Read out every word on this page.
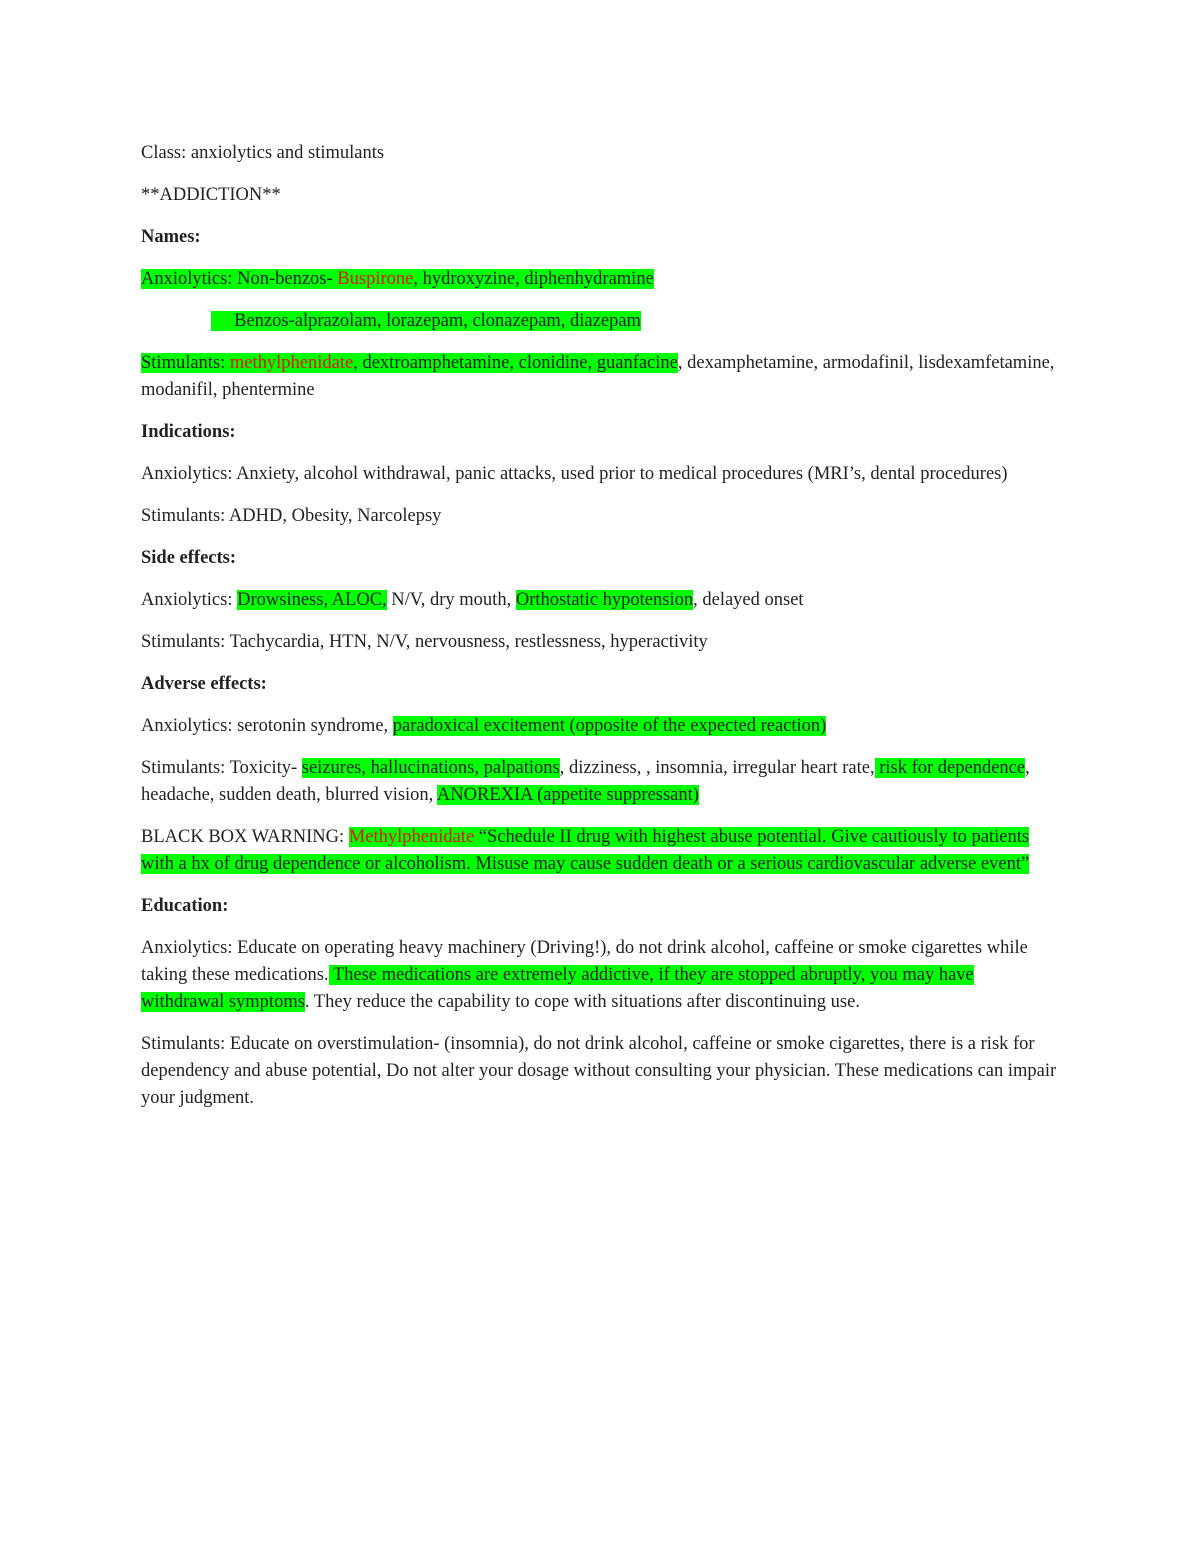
Class: anxiolytics and stimulants

**ADDICTION**

Names:

Anxiolytics: Non-benzos- Buspirone, hydroxyzine, diphenhydramine

Benzos-alprazolam, lorazepam, clonazepam, diazepam

Stimulants: methylphenidate, dextroamphetamine, clonidine, guanfacine, dexamphetamine, armodafinil, lisdexamfetamine, modanifil, phentermine

Indications:

Anxiolytics: Anxiety, alcohol withdrawal, panic attacks, used prior to medical procedures (MRI’s, dental procedures)

Stimulants: ADHD, Obesity, Narcolepsy

Side effects:

Anxiolytics: Drowsiness, ALOC, N/V, dry mouth, Orthostatic hypotension, delayed onset

Stimulants: Tachycardia, HTN, N/V, nervousness, restlessness, hyperactivity

Adverse effects:

Anxiolytics: serotonin syndrome, paradoxical excitement (opposite of the expected reaction)

Stimulants: Toxicity- seizures, hallucinations, palpations, dizziness, , insomnia, irregular heart rate, risk for dependence, headache, sudden death, blurred vision, ANOREXIA (appetite suppressant)

BLACK BOX WARNING: Methylphenidate “Schedule II drug with highest abuse potential. Give cautiously to patients with a hx of drug dependence or alcoholism. Misuse may cause sudden death or a serious cardiovascular adverse event”

Education:

Anxiolytics: Educate on operating heavy machinery (Driving!), do not drink alcohol, caffeine or smoke cigarettes while taking these medications. These medications are extremely addictive, if they are stopped abruptly, you may have withdrawal symptoms. They reduce the capability to cope with situations after discontinuing use.

Stimulants: Educate on overstimulation- (insomnia), do not drink alcohol, caffeine or smoke cigarettes, there is a risk for dependency and abuse potential, Do not alter your dosage without consulting your physician. These medications can impair your judgment.
